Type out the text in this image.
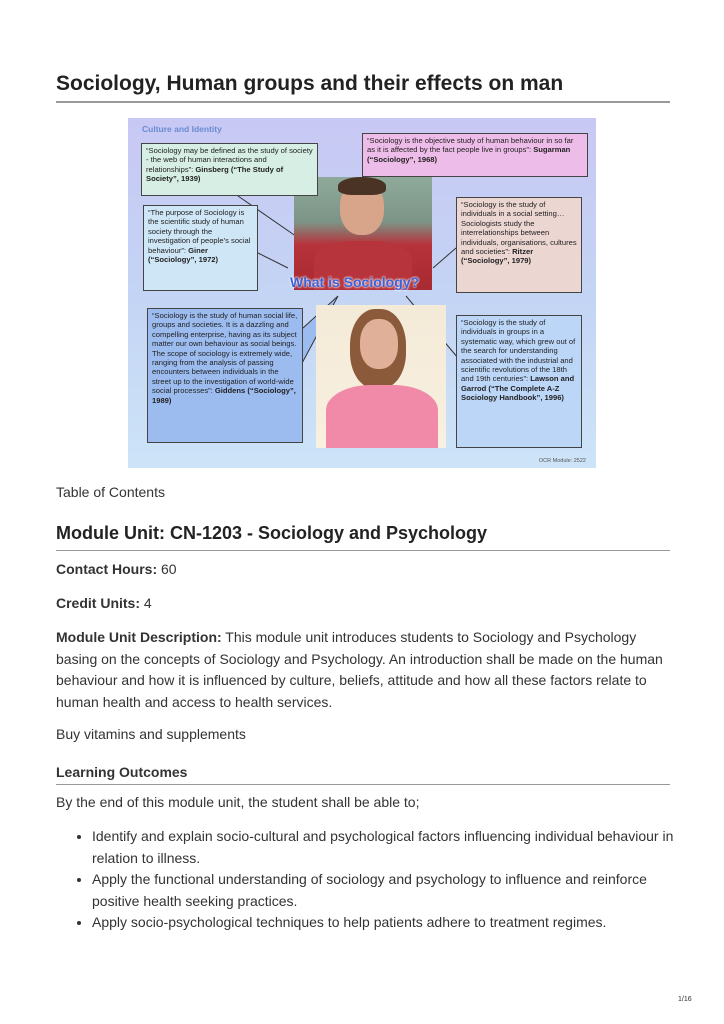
Sociology, Human groups and their effects on man
Culture and Identity
What is Sociology?
“Sociology may be defined as the study of society - the web of human interactions and relationships”: Ginsberg (“The Study of Society”, 1939)
“Sociology is the objective study of human behaviour in so far as it is affected by the fact people live in groups”: Sugarman (“Sociology”, 1968)
“The purpose of Sociology is the scientific study of human society through the investigation of people’s social behaviour”: Giner (“Sociology”, 1972)
“Sociology is the study of individuals in a social setting…Sociologists study the interrelationships between individuals, organisations, cultures and societies”: Ritzer (“Sociology”, 1979)
“Sociology is the study of human social life, groups and societies. It is a dazzling and compelling enterprise, having as its subject matter our own behaviour as social beings. The scope of sociology is extremely wide, ranging from the analysis of passing encounters between individuals in the street up to the investigation of world-wide social processes”: Giddens (“Sociology”, 1989)
“Sociology is the study of individuals in groups in a systematic way, which grew out of the search for understanding associated with the industrial and scientific revolutions of the 18th and 19th centuries”: Lawson and Garrod (“The Complete A-Z Sociology Handbook”, 1996)
OCR Module: 2522
Table of Contents
Module Unit: CN-1203 - Sociology and Psychology
Contact Hours: 60
Credit Units: 4
Module Unit Description: This module unit introduces students to Sociology and Psychology basing on the concepts of Sociology and Psychology. An introduction shall be made on the human behaviour and how it is influenced by culture, beliefs, attitude and how all these factors relate to human health and access to health services.
Buy vitamins and supplements
Learning Outcomes
By the end of this module unit, the student shall be able to;
• Identify and explain socio-cultural and psychological factors influencing individual behaviour in relation to illness.
• Apply the functional understanding of sociology and psychology to influence and reinforce positive health seeking practices.
• Apply socio-psychological techniques to help patients adhere to treatment regimes.
1/16
